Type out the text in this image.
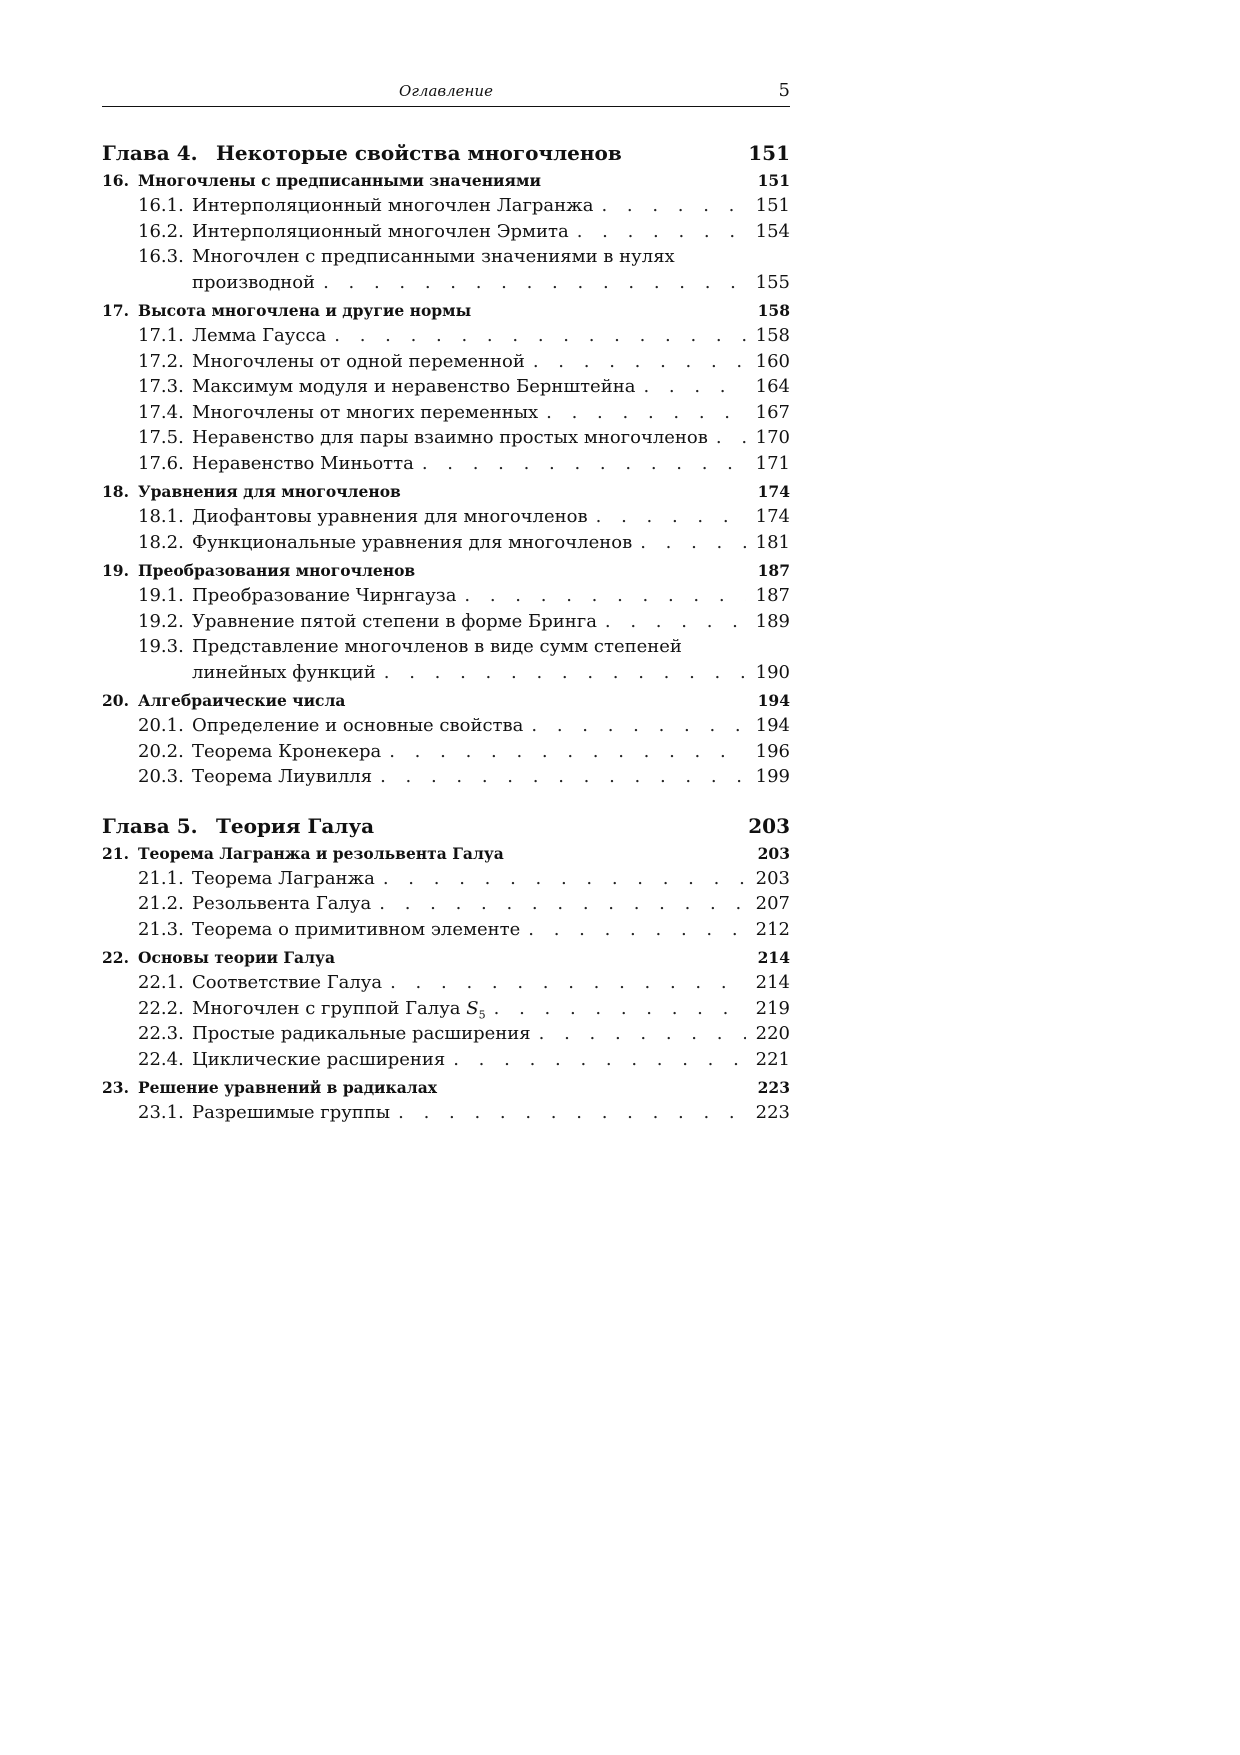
Оглавление	5
Глава 4. Некоторые свойства многочленов	151
16. Многочлены с предписанными значениями	151
16.1. Интерполяционный многочлен Лагранжа . . .	151
16.2. Интерполяционный многочлен Эрмита . . .	154
16.3. Многочлен с предписанными значениями в нулях
производной . . .	155
17. Высота многочлена и другие нормы	158
17.1. Лемма Гаусса . . .	158
17.2. Многочлены от одной переменной . . .	160
17.3. Максимум модуля и неравенство Бернштейна . . .	164
17.4. Многочлены от многих переменных . . .	167
17.5. Неравенство для пары взаимно простых многочленов . . .	170
17.6. Неравенство Миньотта . . .	171
18. Уравнения для многочленов	174
18.1. Диофантовы уравнения для многочленов . . .	174
18.2. Функциональные уравнения для многочленов . . .	181
19. Преобразования многочленов	187
19.1. Преобразование Чирнгауза . . .	187
19.2. Уравнение пятой степени в форме Бринга . . .	189
19.3. Представление многочленов в виде сумм степеней
линейных функций . . .	190
20. Алгебраические числа	194
20.1. Определение и основные свойства . . .	194
20.2. Теорема Кронекера . . .	196
20.3. Теорема Лиувилля . . .	199
Глава 5. Теория Галуа	203
21. Теорема Лагранжа и резольвента Галуа	203
21.1. Теорема Лагранжа . . .	203
21.2. Резольвента Галуа . . .	207
21.3. Теорема о примитивном элементе . . .	212
22. Основы теории Галуа	214
22.1. Соответствие Галуа . . .	214
22.2. Многочлен с группой Галуа $S_5$ . . .	219
22.3. Простые радикальные расширения . . .	220
22.4. Циклические расширения . . .	221
23. Решение уравнений в радикалах	223
23.1. Разрешимые группы . . .	223
